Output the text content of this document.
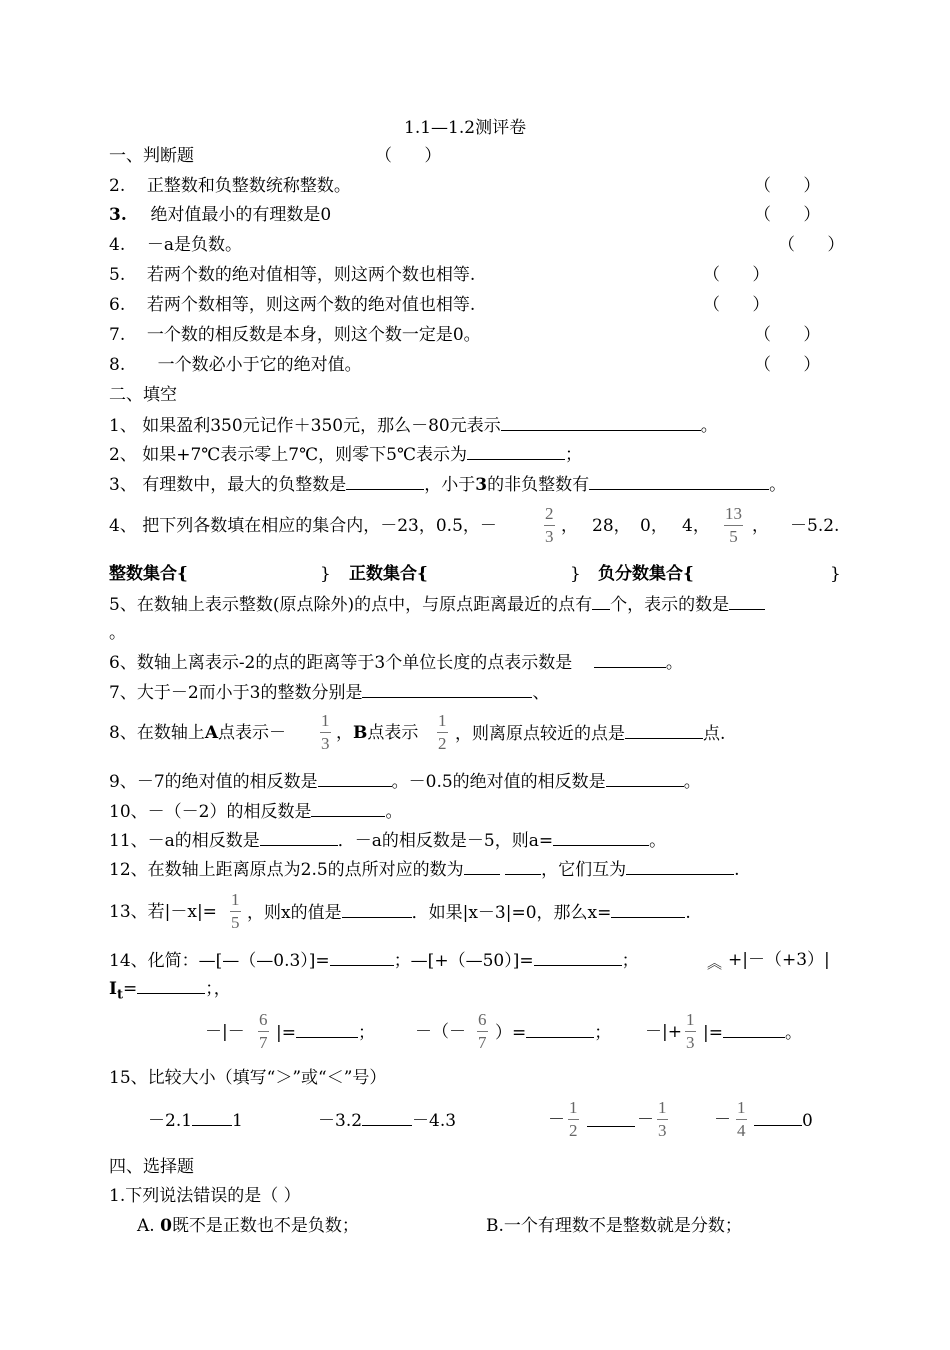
1.1—1.2测评卷
一、判断题	（      ）
2. 正整数和负整数统称整数。	（      ）
3. 绝对值最小的有理数是0	（      ）
4. －a是负数。	（      ）
5. 若两个数的绝对值相等，则这两个数也相等.	（      ）
6. 若两个数相等，则这两个数的绝对值也相等.	（      ）
7. 一个数的相反数是本身，则这个数一定是0。	（      ）
8. 一个数必小于它的绝对值。	（      ）
二、填空
1、 如果盈利350元记作＋350元，那么－80元表示	。
2、 如果+7℃表示零上7℃，则零下5℃表示为	；
3、 有理数中，最大的负整数是	，小于3的非负整数有	。
4、 把下列各数填在相应的集合内，－23，0.5，－
2
3
， 28， 0， 4，
13
5
， －5.2.
整数集合{	} 正数集合{	} 负分数集合{	}
5、在数轴上表示整数(原点除外)的点中，与原点距离最近的点有 个，表示的数是
。
6、数轴上离表示-2的点的距离等于3个单位长度的点表示数是	。
7、大于－2而小于3的整数分别是	、
8、在数轴上A点表示－
1
3
，B点表示
1
2 ，则离原点较近的点是	点.
9、－7的绝对值的相反数是	。－0.5的绝对值的相反数是	。
10、－（－2）的相反数是	。
11、－a的相反数是	．－a的相反数是－5，则a=	。
12、在数轴上距离原点为2.5的点所对应的数为	，它们互为	.
13、若|－x|=
1
5 ，则x的值是	．如果|x－3|=0，那么x=	.
14、化简：—[—（—0.3）]=	；—[+（—50）]=	；	︽ +|－（+3）|
$I_t=$	；，
－|－
6
7 |=	； －（－
6
7 ）=	； －|+
1
3 |=	。
15、比较大小（填写“＞”或“＜”号）
－2.1 1	－3.2	－4.3	－
1
2
－
1
3
－
1
4	0
四、选择题
1.下列说法错误的是（ ）
A. 0既不是正数也不是负数；	B.一个有理数不是整数就是分数；
